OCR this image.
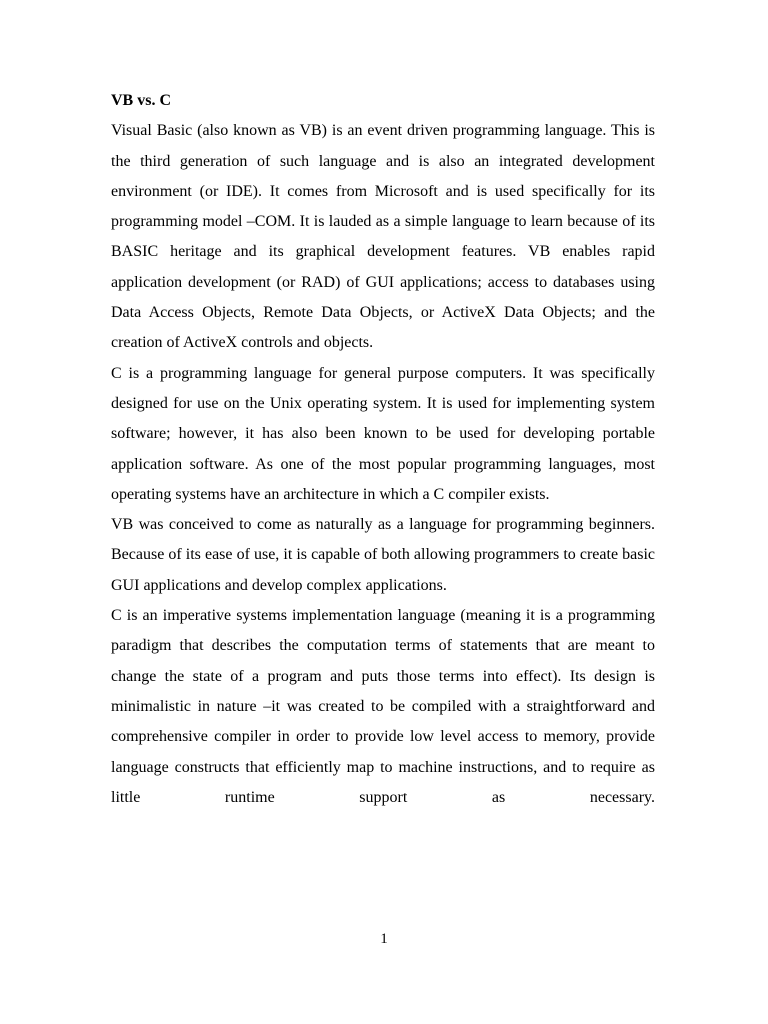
VB vs. C

Visual Basic (also known as VB) is an event driven programming language. This is the third generation of such language and is also an integrated development environment (or IDE). It comes from Microsoft and is used specifically for its programming model –COM. It is lauded as a simple language to learn because of its BASIC heritage and its graphical development features. VB enables rapid application development (or RAD) of GUI applications; access to databases using Data Access Objects, Remote Data Objects, or ActiveX Data Objects; and the creation of ActiveX controls and objects.

C is a programming language for general purpose computers. It was specifically designed for use on the Unix operating system. It is used for implementing system software; however, it has also been known to be used for developing portable application software. As one of the most popular programming languages, most operating systems have an architecture in which a C compiler exists.

VB was conceived to come as naturally as a language for programming beginners. Because of its ease of use, it is capable of both allowing programmers to create basic GUI applications and develop complex applications.

C is an imperative systems implementation language (meaning it is a programming paradigm that describes the computation terms of statements that are meant to change the state of a program and puts those terms into effect). Its design is minimalistic in nature –it was created to be compiled with a straightforward and comprehensive compiler in order to provide low level access to memory, provide language constructs that efficiently map to machine instructions, and to require as little runtime support as necessary.

1
